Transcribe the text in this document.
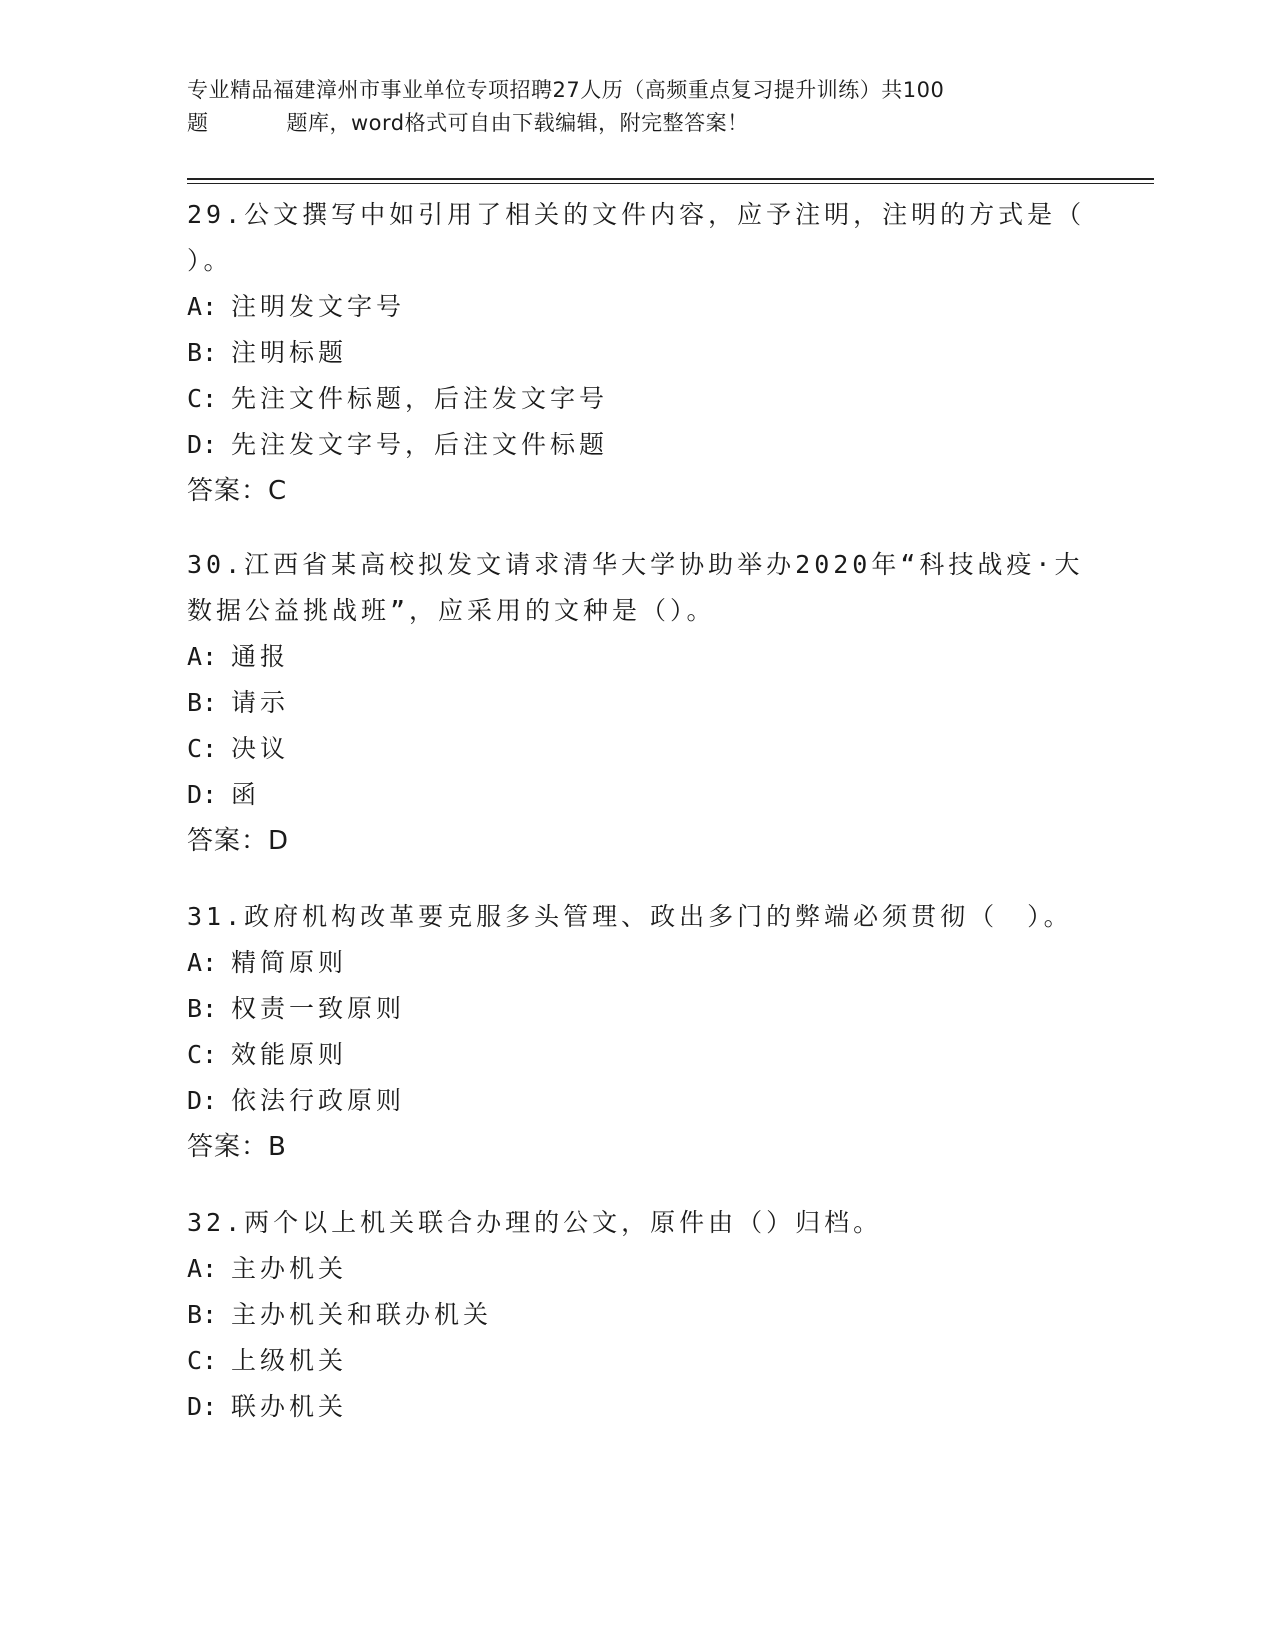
专业精品福建漳州市事业单位专项招聘27人历（高频重点复习提升训练）共100
题	题库，word格式可自由下载编辑，附完整答案！
29.公文撰写中如引用了相关的文件内容，应予注明，注明的方式是（ ）。
A: 注明发文字号
B: 注明标题
C: 先注文件标题，后注发文字号
D: 先注发文字号，后注文件标题
答案：C
30.江西省某高校拟发文请求清华大学协助举办2020年“科技战疫·大数据公益挑战班”，应采用的文种是（）。
A: 通报
B: 请示
C: 决议
D: 函
答案：D
31.政府机构改革要克服多头管理、政出多门的弊端必须贯彻（　）。
A: 精简原则
B: 权责一致原则
C: 效能原则
D: 依法行政原则
答案：B
32.两个以上机关联合办理的公文，原件由（）归档。
A: 主办机关
B: 主办机关和联办机关
C: 上级机关
D: 联办机关
